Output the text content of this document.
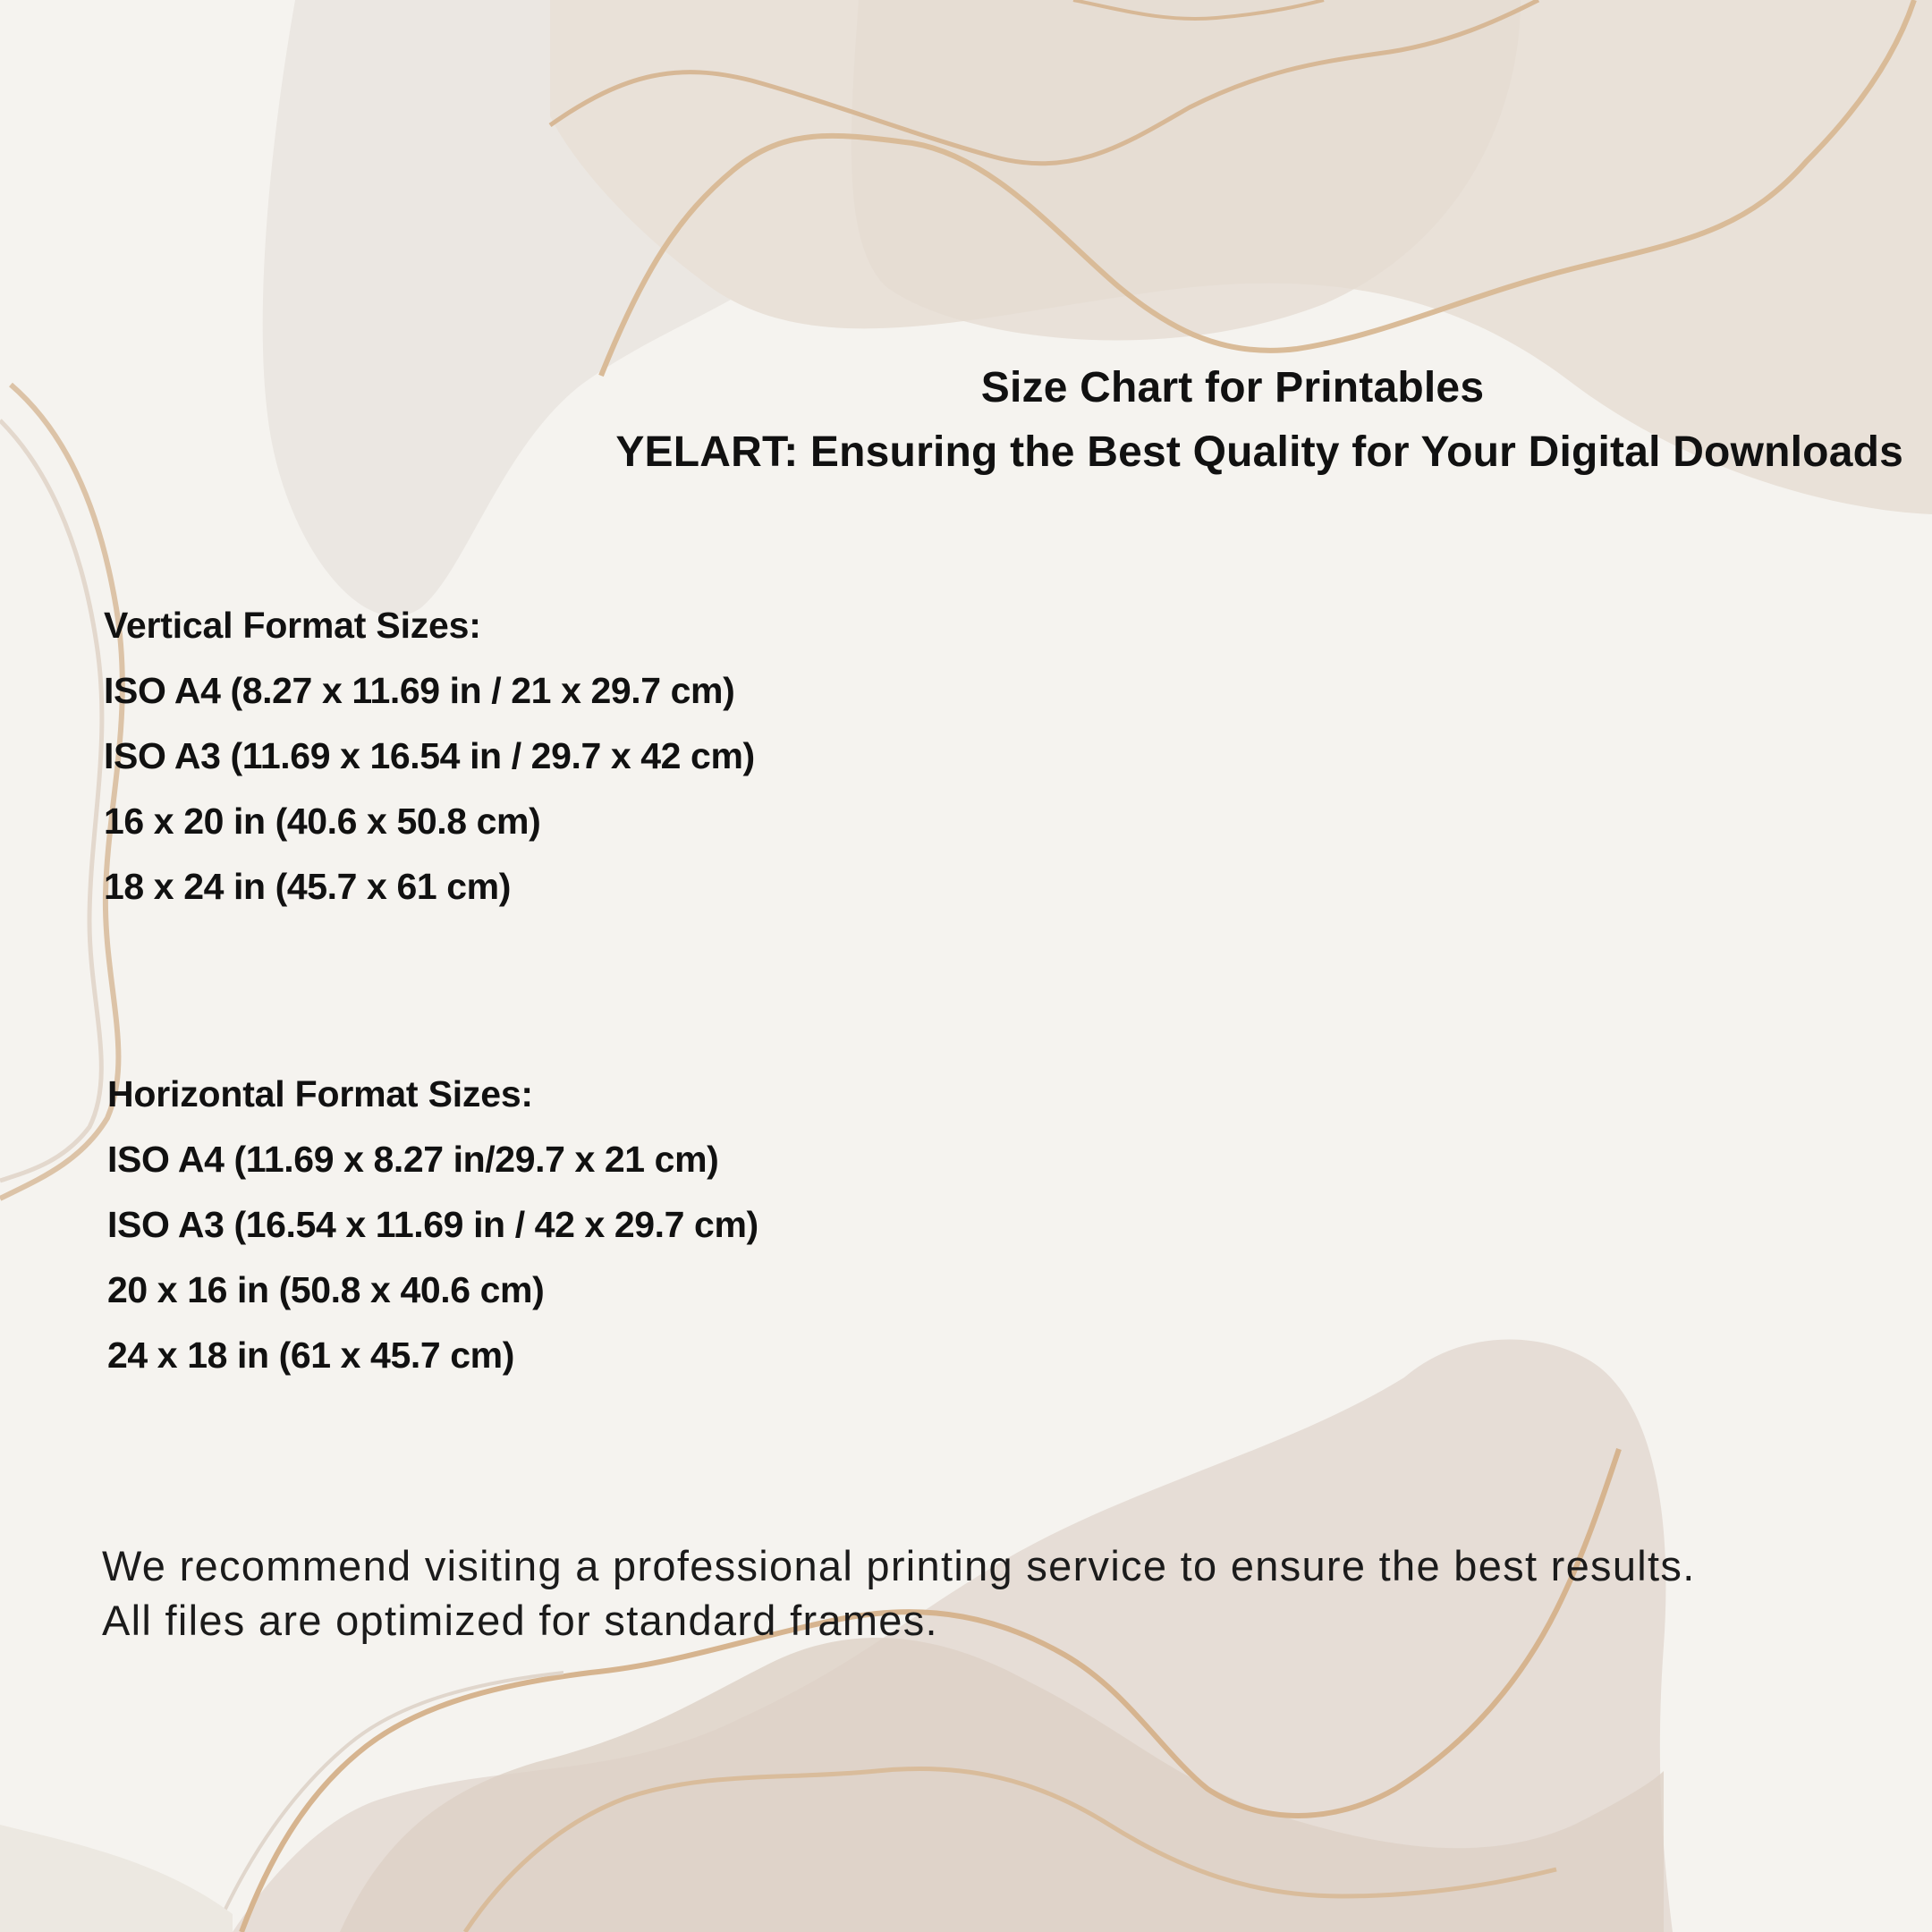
Size Chart for Printables
YELART: Ensuring the Best Quality for Your Digital Downloads
Vertical Format Sizes:
ISO A4 (8.27 x 11.69 in / 21 x 29.7 cm)
ISO A3 (11.69 x 16.54 in / 29.7 x 42 cm)
16 x 20 in (40.6 x 50.8 cm)
18 x 24 in (45.7 x 61 cm)
Horizontal Format Sizes:
ISO A4 (11.69 x 8.27 in/29.7 x 21 cm)
ISO A3 (16.54 x 11.69 in / 42 x 29.7 cm)
20 x 16 in (50.8 x 40.6 cm)
24 x 18 in (61 x 45.7 cm)
We recommend visiting a professional printing service to ensure the best results.
All files are optimized for standard frames.
